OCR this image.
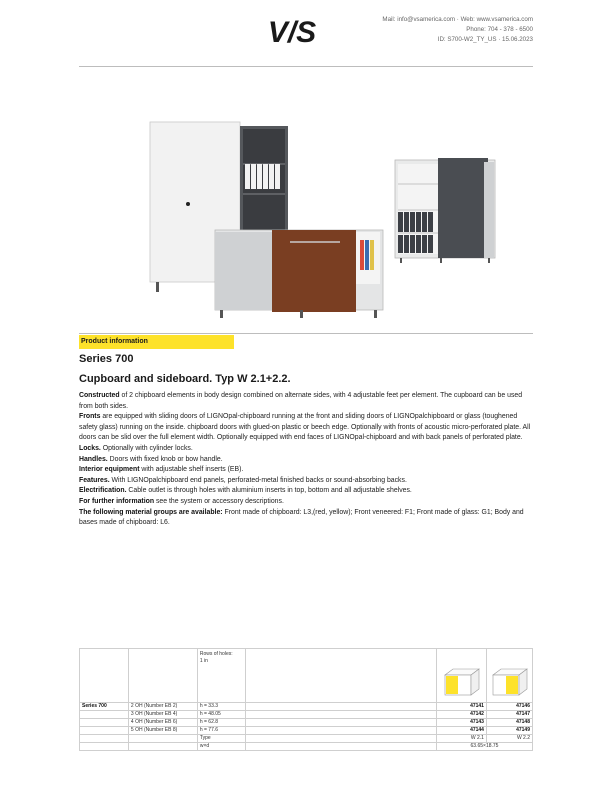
V/S	Mail: info@vsamerica.com · Web: www.vsamerica.com
Phone: 704 - 378 - 6500
ID: S700-W2_TY_US · 15.06.2023
Product information
Series 700
Cupboard and sideboard. Typ W 2.1+2.2.

Constructed of 2 chipboard elements in body design combined on alternate sides, with 4 adjustable feet per element. The cupboard can be used from both sides.

Fronts are equipped with sliding doors of LIGNOpal-chipboard running at the front and sliding doors of LIGNOpalchipboard or glass (toughened safety glass) running on the inside. chipboard doors with glued-on plastic or beech edge. Optionally with fronts of acoustic micro-perforated plate. All doors can be slid over the full element width. Optionally equipped with end faces of LIGNOpal-chipboard and with back panels of perforated plate.

Locks. Optionally with cylinder locks.

Handles. Doors with fixed knob or bow handle.

Interior equipment with adjustable shelf inserts (EB).

Features. With LIGNOpalchipboard end panels, perforated-metal finished backs or sound-absorbing backs.

Electrification. Cable outlet is through holes with aluminium inserts in top, bottom and all adjustable shelves.

For further information see the system or accessory descriptions.

The following material groups are available: Front made of chipboard: L3,(red, yellow); Front veneered: F1; Front made of glass: G1; Body and bases made of chipboard: L6.

		Rows of holes:
1 in

Series 700	2 OH (Number EB 2)	h = 33.3		47141	47146
	3 OH (Number EB 4)	h = 48.05		47142	47147
	4 OH (Number EB 6)	h = 62.8		47143	47148
	5 OH (Number EB 8)	h = 77.6		47144	47149
		Type		W 2.1	W 2.2
		w×d		63.65×18.75	
